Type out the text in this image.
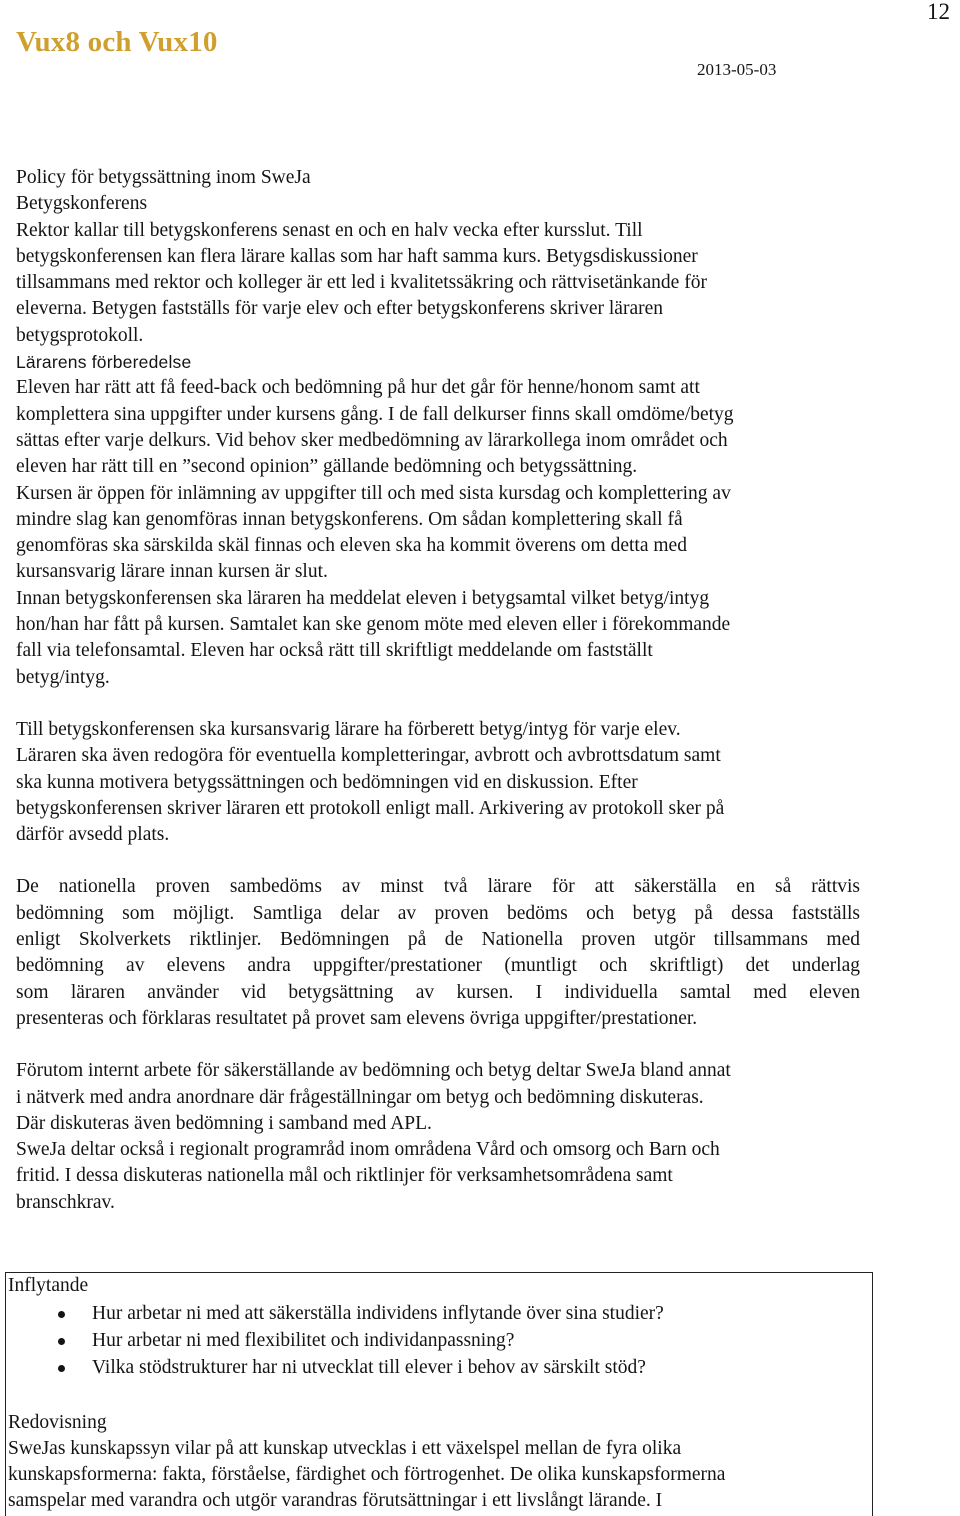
12
Vux8 och Vux10
2013-05-03
Policy för betygssättning inom SweJa
Betygskonferens
Rektor kallar till betygskonferens senast en och en halv vecka efter kursslut. Till
betygskonferensen kan flera lärare kallas som har haft samma kurs. Betygsdiskussioner
tillsammans med rektor och kolleger är ett led i kvalitetssäkring och rättvisetänkande för
eleverna. Betygen fastställs för varje elev och efter betygskonferens skriver läraren
betygsprotokoll.
Lärarens förberedelse
Eleven har rätt att få feed-back och bedömning på hur det går för henne/honom samt att
komplettera sina uppgifter under kursens gång. I de fall delkurser finns skall omdöme/betyg
sättas efter varje delkurs. Vid behov sker medbedömning av lärarkollega inom området och
eleven har rätt till en ”second opinion” gällande bedömning och betygssättning.
Kursen är öppen för inlämning av uppgifter till och med sista kursdag och komplettering av
mindre slag kan genomföras innan betygskonferens. Om sådan komplettering skall få
genomföras ska särskilda skäl finnas och eleven ska ha kommit överens om detta med
kursansvarig lärare innan kursen är slut.
Innan betygskonferensen ska läraren ha meddelat eleven i betygsamtal vilket betyg/intyg
hon/han har fått på kursen. Samtalet kan ske genom möte med eleven eller i förekommande
fall via telefonsamtal. Eleven har också rätt till skriftligt meddelande om fastställt
betyg/intyg.
Till betygskonferensen ska kursansvarig lärare ha förberett betyg/intyg för varje elev.
Läraren ska även redogöra för eventuella kompletteringar, avbrott och avbrottsdatum samt
ska kunna motivera betygssättningen och bedömningen vid en diskussion. Efter
betygskonferensen skriver läraren ett protokoll enligt mall. Arkivering av protokoll sker på
därför avsedd plats.
De nationella proven sambedöms av minst två lärare för att säkerställa en så rättvis
bedömning som möjligt. Samtliga delar av proven bedöms och betyg på dessa fastställs
enligt Skolverkets riktlinjer. Bedömningen på de Nationella proven utgör tillsammans med
bedömning av elevens andra uppgifter/prestationer (muntligt och skriftligt) det underlag
som läraren använder vid betygsättning av kursen. I individuella samtal med eleven
presenteras och förklaras resultatet på provet sam elevens övriga uppgifter/prestationer.
Förutom internt arbete för säkerställande av bedömning och betyg deltar SweJa bland annat
i nätverk med andra anordnare där frågeställningar om betyg och bedömning diskuteras.
Där diskuteras även bedömning i samband med APL.
SweJa deltar också i regionalt programråd inom områdena Vård och omsorg och Barn och
fritid. I dessa diskuteras nationella mål och riktlinjer för verksamhetsområdena samt
branschkrav.
Inflytande
Hur arbetar ni med att säkerställa individens inflytande över sina studier?
Hur arbetar ni med flexibilitet och individanpassning?
Vilka stödstrukturer har ni utvecklat till elever i behov av särskilt stöd?
Redovisning
SweJas kunskapssyn vilar på att kunskap utvecklas i ett växelspel mellan de fyra olika
kunskapsformerna: fakta, förståelse, färdighet och förtrogenhet. De olika kunskapsformerna
samspelar med varandra och utgör varandras förutsättningar i ett livslångt lärande. I
